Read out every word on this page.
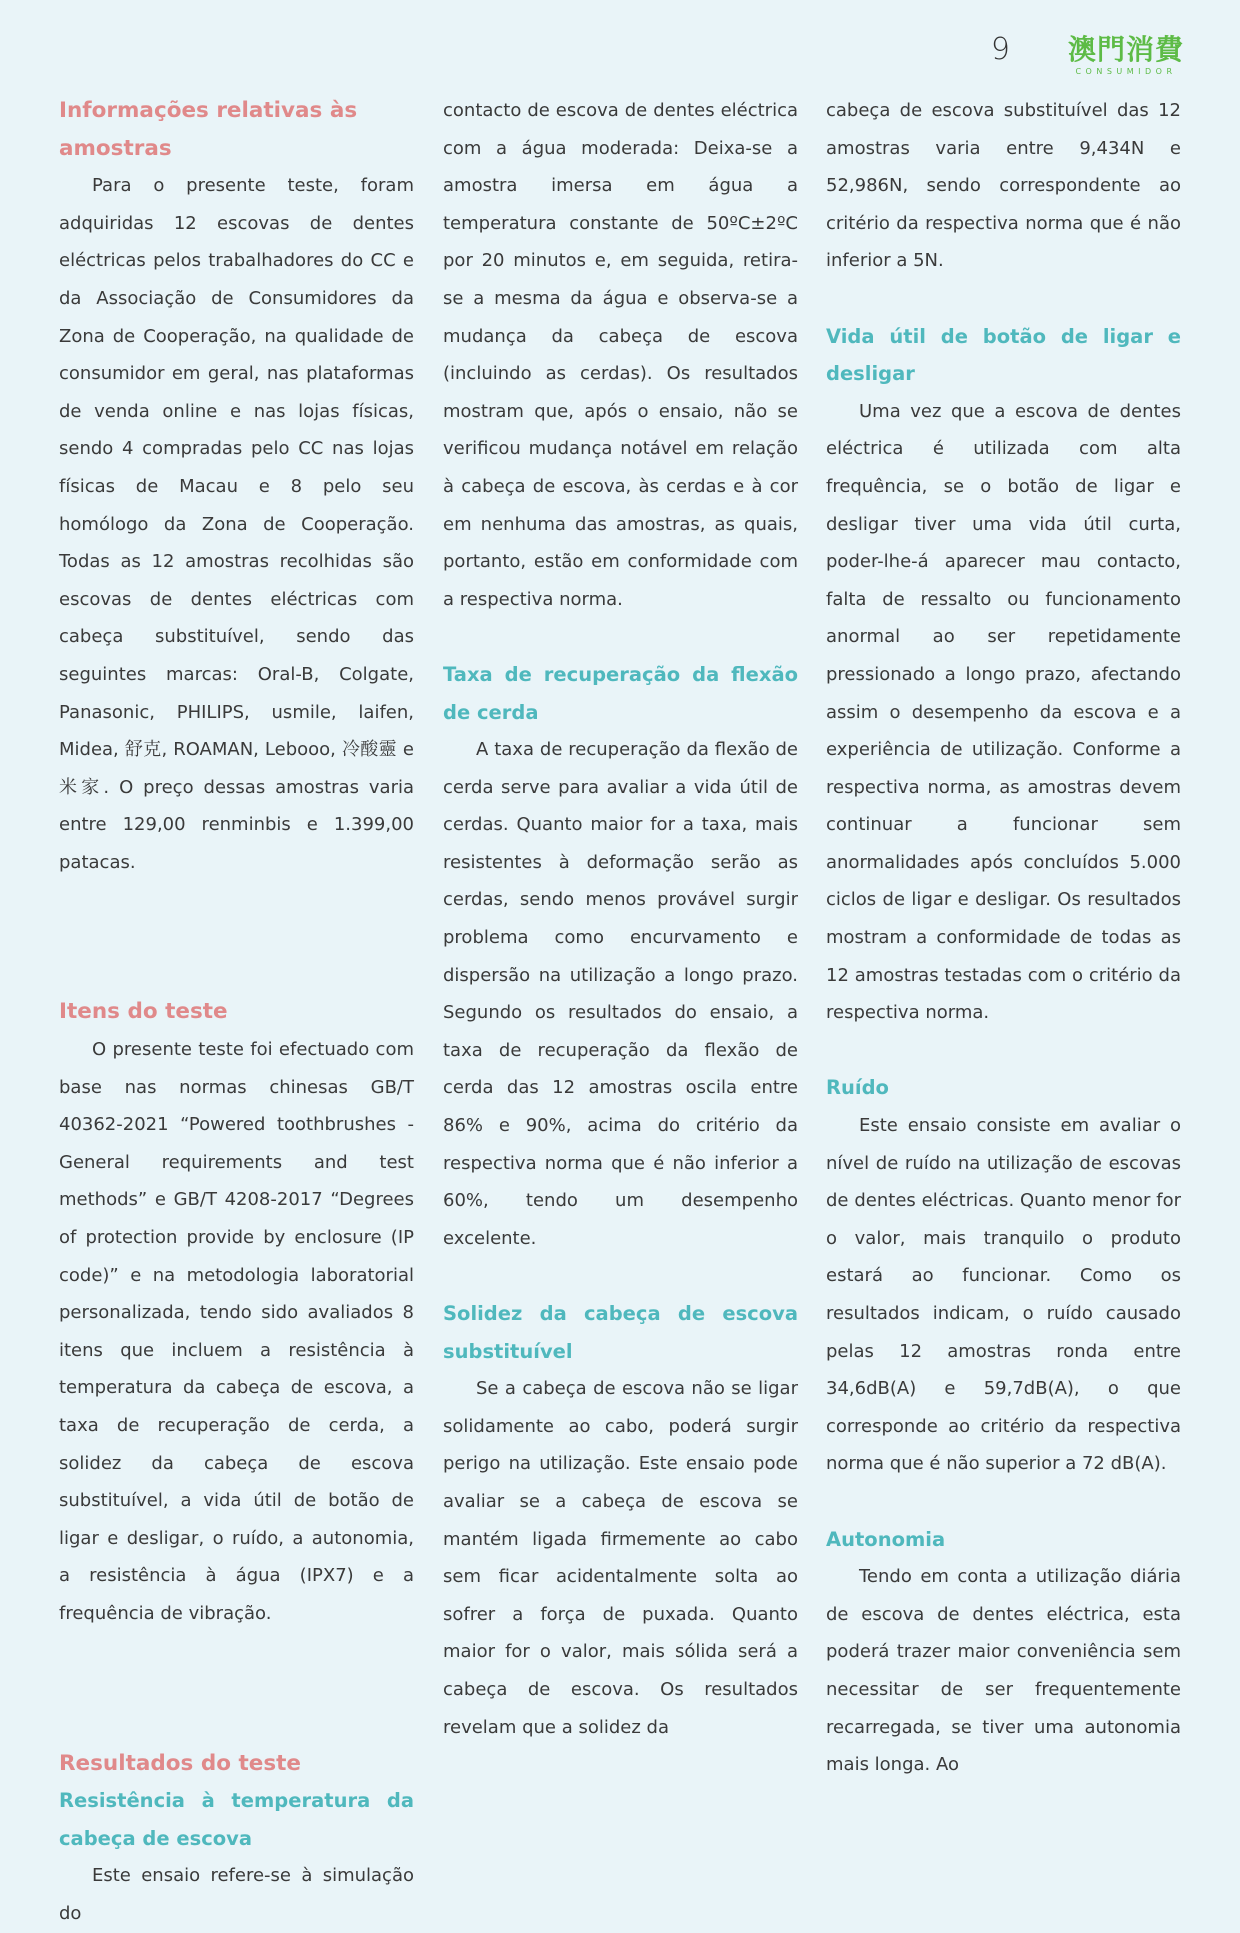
9 澳門消費
CONSUMIDOR
Informações relativas às amostras

Para o presente teste, foram adquiridas 12 escovas de dentes eléctricas pelos trabalhadores do CC e da Associação de Consumidores da Zona de Cooperação, na qualidade de consumidor em geral, nas plataformas de venda online e nas lojas físicas, sendo 4 compradas pelo CC nas lojas físicas de Macau e 8 pelo seu homólogo da Zona de Cooperação. Todas as 12 amostras recolhidas são escovas de dentes eléctricas com cabeça substituível, sendo das seguintes marcas: Oral-B, Colgate, Panasonic, PHILIPS, usmile, laifen, Midea, 舒克, ROAMAN, Lebooo, 冷酸靈 e 米家. O preço dessas amostras varia entre 129,00 renminbis e 1.399,00 patacas.

Itens do teste

O presente teste foi efectuado com base nas normas chinesas GB/T 40362-2021 “Powered toothbrushes - General requirements and test methods” e GB/T 4208-2017 “Degrees of protection provide by enclosure (IP code)” e na metodologia laboratorial personalizada, tendo sido avaliados 8 itens que incluem a resistência à temperatura da cabeça de escova, a taxa de recuperação de cerda, a solidez da cabeça de escova substituível, a vida útil de botão de ligar e desligar, o ruído, a autonomia, a resistência à água (IPX7) e a frequência de vibração.

Resultados do teste
Resistência à temperatura da cabeça de escova

Este ensaio refere-se à simulação do

contacto de escova de dentes eléctrica com a água moderada: Deixa-se a amostra imersa em água a temperatura constante de 50ºC±2ºC por 20 minutos e, em seguida, retira-se a mesma da água e observa-se a mudança da cabeça de escova (incluindo as cerdas). Os resultados mostram que, após o ensaio, não se verificou mudança notável em relação à cabeça de escova, às cerdas e à cor em nenhuma das amostras, as quais, portanto, estão em conformidade com a respectiva norma.

Taxa de recuperação da flexão de cerda

A taxa de recuperação da flexão de cerda serve para avaliar a vida útil de cerdas. Quanto maior for a taxa, mais resistentes à deformação serão as cerdas, sendo menos provável surgir problema como encurvamento e dispersão na utilização a longo prazo. Segundo os resultados do ensaio, a taxa de recuperação da flexão de cerda das 12 amostras oscila entre 86% e 90%, acima do critério da respectiva norma que é não inferior a 60%, tendo um desempenho excelente.

Solidez da cabeça de escova substituível

Se a cabeça de escova não se ligar solidamente ao cabo, poderá surgir perigo na utilização. Este ensaio pode avaliar se a cabeça de escova se mantém ligada firmemente ao cabo sem ficar acidentalmente solta ao sofrer a força de puxada. Quanto maior for o valor, mais sólida será a cabeça de escova. Os resultados revelam que a solidez da

cabeça de escova substituível das 12 amostras varia entre 9,434N e 52,986N, sendo correspondente ao critério da respectiva norma que é não inferior a 5N.

Vida útil de botão de ligar e desligar

Uma vez que a escova de dentes eléctrica é utilizada com alta frequência, se o botão de ligar e desligar tiver uma vida útil curta, poder-lhe-á aparecer mau contacto, falta de ressalto ou funcionamento anormal ao ser repetidamente pressionado a longo prazo, afectando assim o desempenho da escova e a experiência de utilização. Conforme a respectiva norma, as amostras devem continuar a funcionar sem anormalidades após concluídos 5.000 ciclos de ligar e desligar. Os resultados mostram a conformidade de todas as 12 amostras testadas com o critério da respectiva norma.

Ruído

Este ensaio consiste em avaliar o nível de ruído na utilização de escovas de dentes eléctricas. Quanto menor for o valor, mais tranquilo o produto estará ao funcionar. Como os resultados indicam, o ruído causado pelas 12 amostras ronda entre 34,6dB(A) e 59,7dB(A), o que corresponde ao critério da respectiva norma que é não superior a 72 dB(A).

Autonomia

Tendo em conta a utilização diária de escova de dentes eléctrica, esta poderá trazer maior conveniência sem necessitar de ser frequentemente recarregada, se tiver uma autonomia mais longa. Ao
